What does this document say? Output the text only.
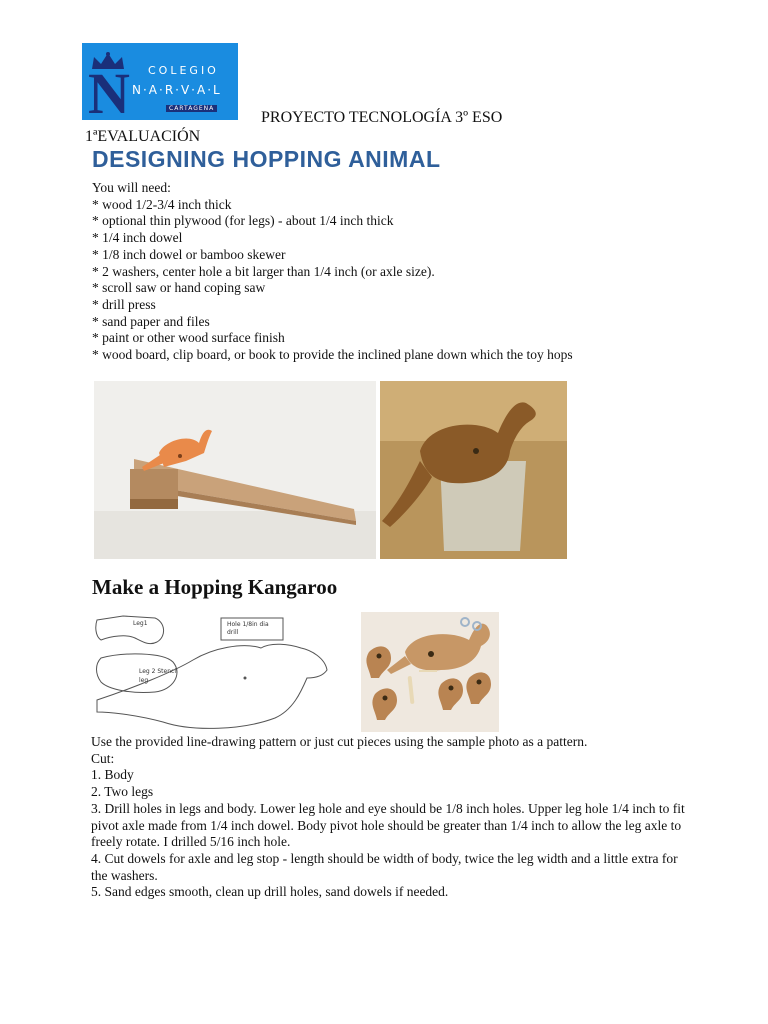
N COLEGIO
N·A·R·V·A·L
CARTAGENA
PROYECTO TECNOLOGÍA 3º ESO
1ªEVALUACIÓN
DESIGNING HOPPING ANIMAL
You will need:
* wood 1/2-3/4 inch thick
* optional thin plywood (for legs) - about 1/4 inch thick
* 1/4 inch dowel
* 1/8 inch dowel or bamboo skewer
* 2 washers, center hole a bit larger than 1/4 inch (or axle size).
* scroll saw or hand coping saw
* drill press
* sand paper and files
* paint or other wood surface finish
* wood board, clip board, or book to provide the inclined plane down which the toy hops
Make a Hopping Kangaroo
Leg1
Leg 2 Stencil
leg
Hole 1/8in dia
drill
Use the provided line-drawing pattern or just cut pieces using the sample photo as a pattern.
Cut:
1. Body
2. Two legs
3. Drill holes in legs and body. Lower leg hole and eye should be 1/8 inch holes. Upper leg hole 1/4 inch to fit pivot axle made from 1/4 inch dowel. Body pivot hole should be greater than 1/4 inch to allow the leg axle to freely rotate. I drilled 5/16 inch hole.
4. Cut dowels for axle and leg stop - length should be width of body, twice the leg width and a little extra for the washers.
5. Sand edges smooth, clean up drill holes, sand dowels if needed.
